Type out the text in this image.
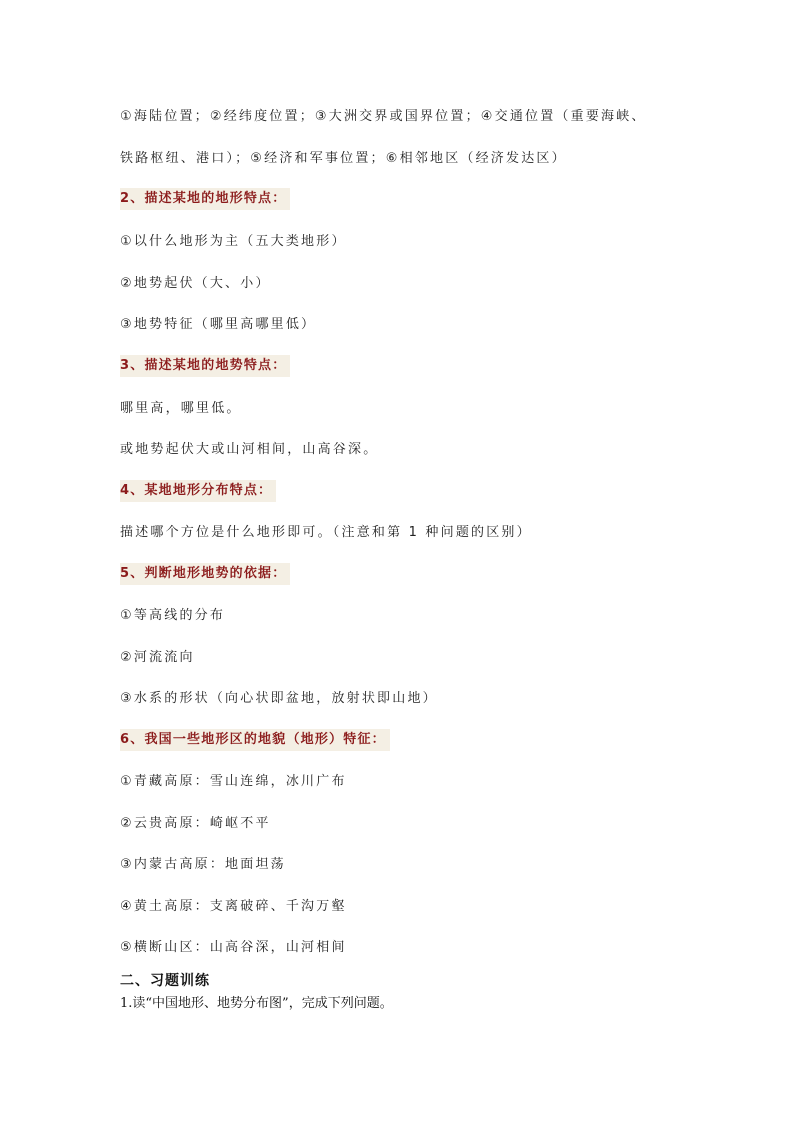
①海陆位置；②经纬度位置；③大洲交界或国界位置；④交通位置（重要海峡、

铁路枢纽、港口）；⑤经济和军事位置；⑥相邻地区（经济发达区）

2、描述某地的地形特点：

①以什么地形为主（五大类地形）

②地势起伏（大、小）

③地势特征（哪里高哪里低）

3、描述某地的地势特点：

哪里高，哪里低。

或地势起伏大或山河相间，山高谷深。

4、某地地形分布特点：

描述哪个方位是什么地形即可。（注意和第 1 种问题的区别）

5、判断地形地势的依据：

①等高线的分布

②河流流向

③水系的形状（向心状即盆地，放射状即山地）

6、我国一些地形区的地貌（地形）特征：

①青藏高原：雪山连绵，冰川广布

②云贵高原：崎岖不平

③内蒙古高原：地面坦荡

④黄土高原：支离破碎、千沟万壑

⑤横断山区：山高谷深，山河相间

二、习题训练

1.读“中国地形、地势分布图”，完成下列问题。
